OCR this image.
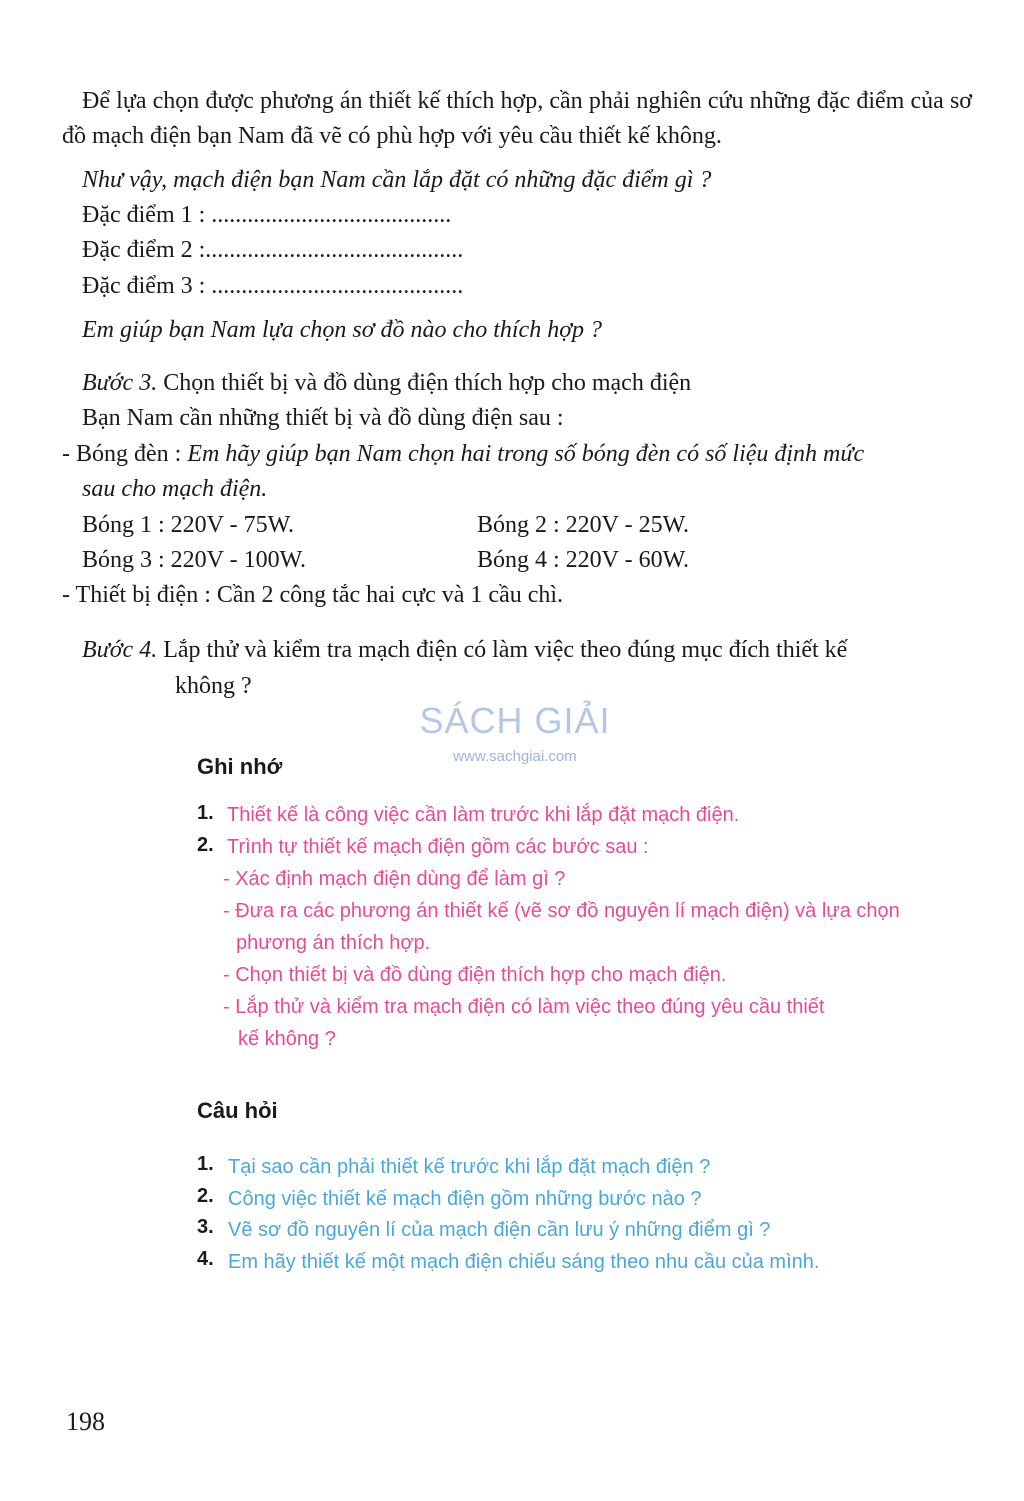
Để lựa chọn được phương án thiết kế thích hợp, cần phải nghiên cứu những đặc điểm của sơ đồ mạch điện bạn Nam đã vẽ có phù hợp với yêu cầu thiết kế không.
Như vậy, mạch điện bạn Nam cần lắp đặt có những đặc điểm gì ?
Đặc điểm 1 : ........................................
Đặc điểm 2 :...........................................
Đặc điểm 3 : ..........................................
Em giúp bạn Nam lựa chọn sơ đồ nào cho thích hợp ?
Bước 3. Chọn thiết bị và đồ dùng điện thích hợp cho mạch điện
Bạn Nam cần những thiết bị và đồ dùng điện sau :
- Bóng đèn : Em hãy giúp bạn Nam chọn hai trong số bóng đèn có số liệu định mức
sau cho mạch điện.
Bóng 1 : 220V - 75W.	Bóng 2 : 220V - 25W.
Bóng 3 : 220V - 100W.	Bóng 4 : 220V - 60W.
- Thiết bị điện : Cần 2 công tắc hai cực và 1 cầu chì.
Bước 4. Lắp thử và kiểm tra mạch điện có làm việc theo đúng mục đích thiết kế
không ?
SÁCH GIẢI
www.sachgiai.com
Ghi nhớ
1. Thiết kế là công việc cần làm trước khi lắp đặt mạch điện.
2. Trình tự thiết kế mạch điện gồm các bước sau :
- Xác định mạch điện dùng để làm gì ?
- Đưa ra các phương án thiết kế (vẽ sơ đồ nguyên lí mạch điện) và lựa chọn
phương án thích hợp.
- Chọn thiết bị và đồ dùng điện thích hợp cho mạch điện.
- Lắp thử và kiểm tra mạch điện có làm việc theo đúng yêu cầu thiết
kế không ?
Câu hỏi
1. Tại sao cần phải thiết kế trước khi lắp đặt mạch điện ?
2. Công việc thiết kế mạch điện gồm những bước nào ?
3. Vẽ sơ đồ nguyên lí của mạch điện cần lưu ý những điểm gì ?
4. Em hãy thiết kế một mạch điện chiếu sáng theo nhu cầu của mình.
198
